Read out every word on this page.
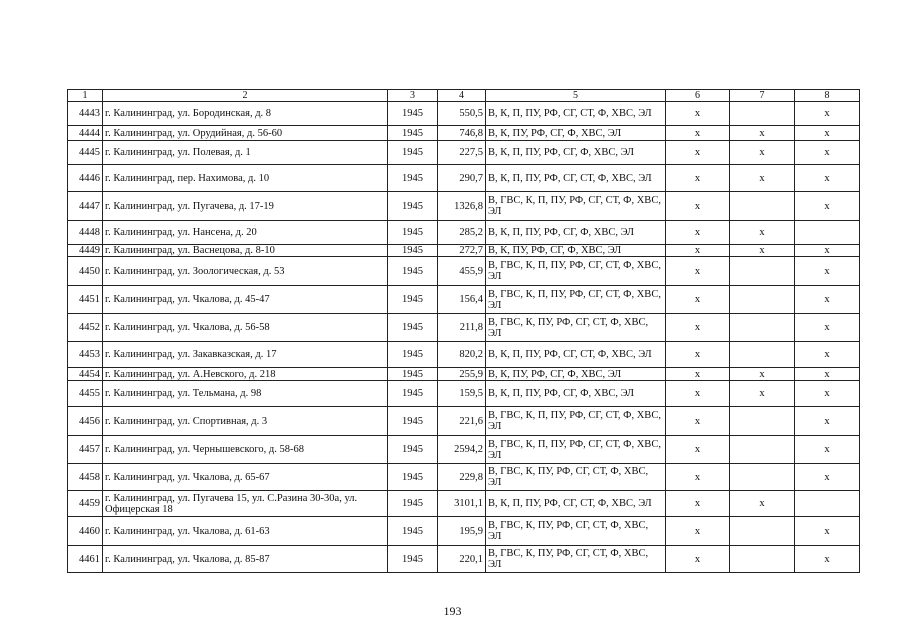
1	2	3	4	5	6	7	8
4443	г. Калининград, ул. Бородинская, д. 8	1945	550,5	В, К, П, ПУ, РФ, СГ, СТ, Ф, ХВС, ЭЛ	x		x
4444	г. Калининград, ул. Орудийная, д. 56-60	1945	746,8	В, К, ПУ, РФ, СГ, Ф, ХВС, ЭЛ	x	x	x
4445	г. Калининград, ул. Полевая, д. 1	1945	227,5	В, К, П, ПУ, РФ, СГ, Ф, ХВС, ЭЛ	x	x	x
4446	г. Калининград, пер. Нахимова, д. 10	1945	290,7	В, К, П, ПУ, РФ, СГ, СТ, Ф, ХВС, ЭЛ	x	x	x
4447	г. Калининград, ул. Пугачева, д. 17-19	1945	1326,8	В, ГВС, К, П, ПУ, РФ, СГ, СТ, Ф, ХВС, ЭЛ	x		x
4448	г. Калининград, ул. Нансена, д. 20	1945	285,2	В, К, П, ПУ, РФ, СГ, Ф, ХВС, ЭЛ	x	x	
4449	г. Калининград, ул. Васнецова, д. 8-10	1945	272,7	В, К, ПУ, РФ, СГ, Ф, ХВС, ЭЛ	x	x	x
4450	г. Калининград, ул. Зоологическая, д. 53	1945	455,9	В, ГВС, К, П, ПУ, РФ, СГ, СТ, Ф, ХВС, ЭЛ	x		x
4451	г. Калининград, ул. Чкалова, д. 45-47	1945	156,4	В, ГВС, К, П, ПУ, РФ, СГ, СТ, Ф, ХВС, ЭЛ	x		x
4452	г. Калининград, ул. Чкалова, д. 56-58	1945	211,8	В, ГВС, К, ПУ, РФ, СГ, СТ, Ф, ХВС, ЭЛ	x		x
4453	г. Калининград, ул. Закавказская, д. 17	1945	820,2	В, К, П, ПУ, РФ, СГ, СТ, Ф, ХВС, ЭЛ	x		x
4454	г. Калининград, ул. А.Невского, д. 218	1945	255,9	В, К, ПУ, РФ, СГ, Ф, ХВС, ЭЛ	x	x	x
4455	г. Калининград, ул. Тельмана, д. 98	1945	159,5	В, К, П, ПУ, РФ, СГ, Ф, ХВС, ЭЛ	x	x	x
4456	г. Калининград, ул. Спортивная, д. 3	1945	221,6	В, ГВС, К, П, ПУ, РФ, СГ, СТ, Ф, ХВС, ЭЛ	x		x
4457	г. Калининград, ул. Чернышевского, д. 58-68	1945	2594,2	В, ГВС, К, П, ПУ, РФ, СГ, СТ, Ф, ХВС, ЭЛ	x		x
4458	г. Калининград, ул. Чкалова, д. 65-67	1945	229,8	В, ГВС, К, ПУ, РФ, СГ, СТ, Ф, ХВС, ЭЛ	x		x
4459	г. Калининград, ул. Пугачева 15, ул. С.Разина 30-30а, ул. Офицерская 18	1945	3101,1	В, К, П, ПУ, РФ, СГ, СТ, Ф, ХВС, ЭЛ	x	x	
4460	г. Калининград, ул. Чкалова, д. 61-63	1945	195,9	В, ГВС, К, ПУ, РФ, СГ, СТ, Ф, ХВС, ЭЛ	x		x
4461	г. Калининград, ул. Чкалова, д. 85-87	1945	220,1	В, ГВС, К, ПУ, РФ, СГ, СТ, Ф, ХВС, ЭЛ	x		x
193
